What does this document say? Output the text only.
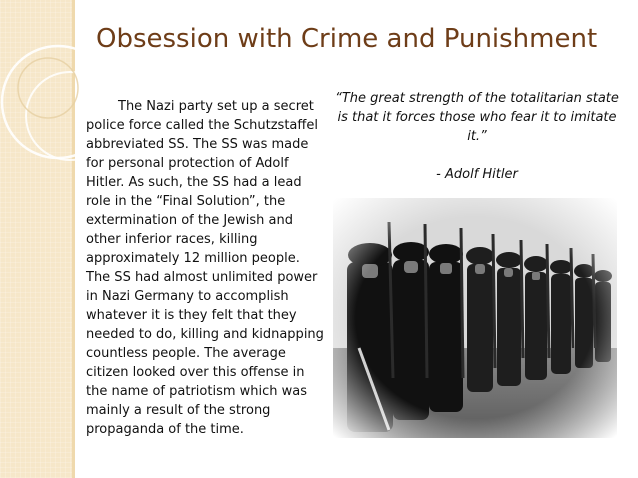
Obsession with Crime and Punishment
The Nazi party set up a secret police force called the Schutzstaffel abbreviated SS. The SS was made for personal protection of Adolf Hitler. As such, the SS had a lead role in the “Final Solution”, the extermination of the Jewish and other inferior races, killing approximately 12 million people. The SS had almost unlimited power in Nazi Germany to accomplish whatever it is they felt that they needed to do, killing and kidnapping countless people. The average citizen looked over this offense in the name of patriotism which was mainly a result of the strong propaganda of the time.
“The great strength of the totalitarian state is that it forces those who fear it to imitate it.”
- Adolf Hitler
